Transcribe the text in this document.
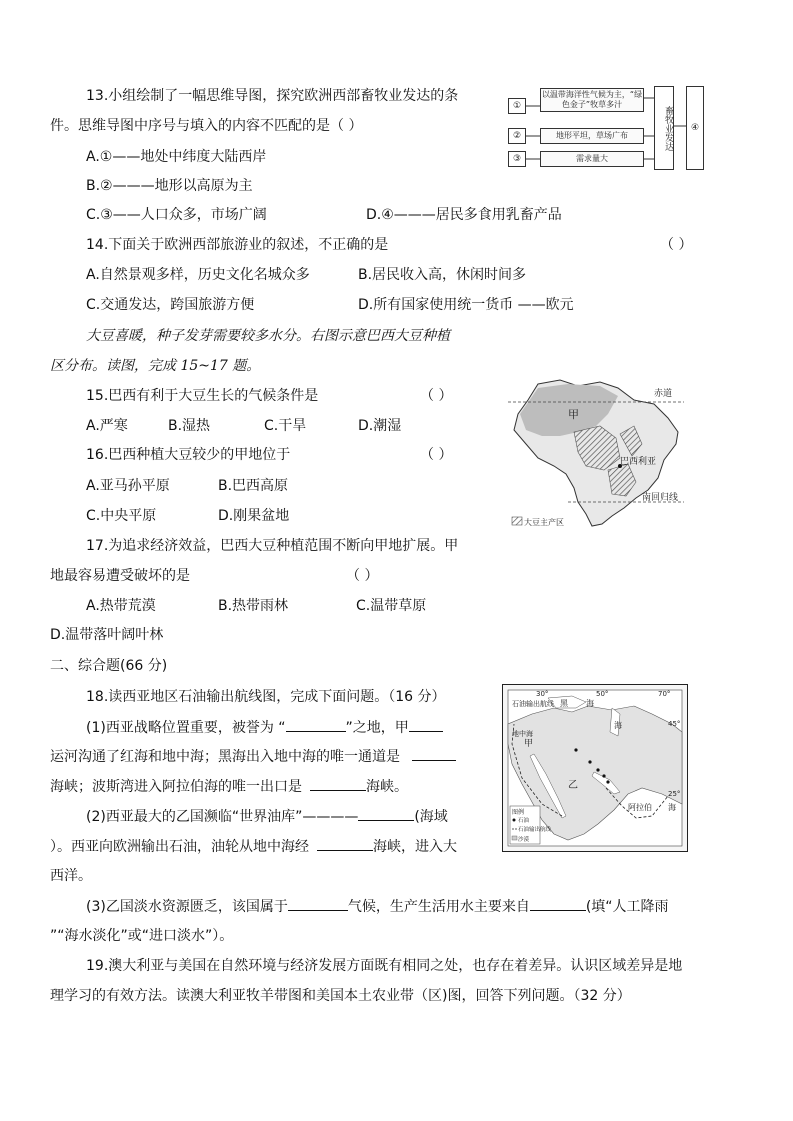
13.小组绘制了一幅思维导图，探究欧洲西部畜牧业发达的条
件。思维导图中序号与填入的内容不匹配的是（ ）
A.①——地处中纬度大陆西岸
B.②———地形以高原为主
C.③——人口众多，市场广阔	D.④———居民多食用乳畜产品
①
②
③
以温带海洋性气候为主，“绿色金子”牧草多汁
地形平坦，草场广布
需求量大
畜牧业发达	④
14.下面关于欧洲西部旅游业的叙述，不正确的是	（ ）
A.自然景观多样，历史文化名城众多	B.居民收入高，休闲时间多
C.交通发达，跨国旅游方便	D.所有国家使用统一货币 ——欧元
大豆喜暖，种子发芽需要较多水分。右图示意巴西大豆种植
区分布。读图，完成 15~17 题。
15.巴西有利于大豆生长的气候条件是	（ ）
A.严寒	B.湿热	C.干旱	D.潮湿
16.巴西种植大豆较少的甲地位于	（ ）
A.亚马孙平原	B.巴西高原
C.中央平原	D.刚果盆地
赤道
甲
巴西利亚
南回归线
大豆主产区
17.为追求经济效益，巴西大豆种植范围不断向甲地扩展。甲
地最容易遭受破坏的是	（ ）
A.热带荒漠	B.热带雨林	C.温带草原
D.温带落叶阔叶林
二、综合题(66 分)
18.读西亚地区石油输出航线图，完成下面问题。（16 分）
(1)西亚战略位置重要，被誉为 “	”之地，甲
运河沟通了红海和地中海；黑海出入地中海的唯一通道是
海峡；波斯湾进入阿拉伯海的唯一出口是	海峡。
(2)西亚最大的乙国濒临“世界油库”————	(海域
）。西亚向欧洲输出石油，油轮从地中海经	海峡，进入大
西洋。
(3)乙国淡水资源匮乏，该国属于	气候，生产生活用水主要来自	(填“人工降雨
”“海水淡化”或“进口淡水”）。
30°	50°	70°
45°
25°
石油输出航线 黑 海
海
地中海
甲
乙
阿拉伯 海
图例
石油
石油输出航线
沙漠
19.澳大利亚与美国在自然环境与经济发展方面既有相同之处，也存在着差异。认识区域差异是地
理学习的有效方法。读澳大利亚牧羊带图和美国本土农业带（区)图，回答下列问题。（32 分）
